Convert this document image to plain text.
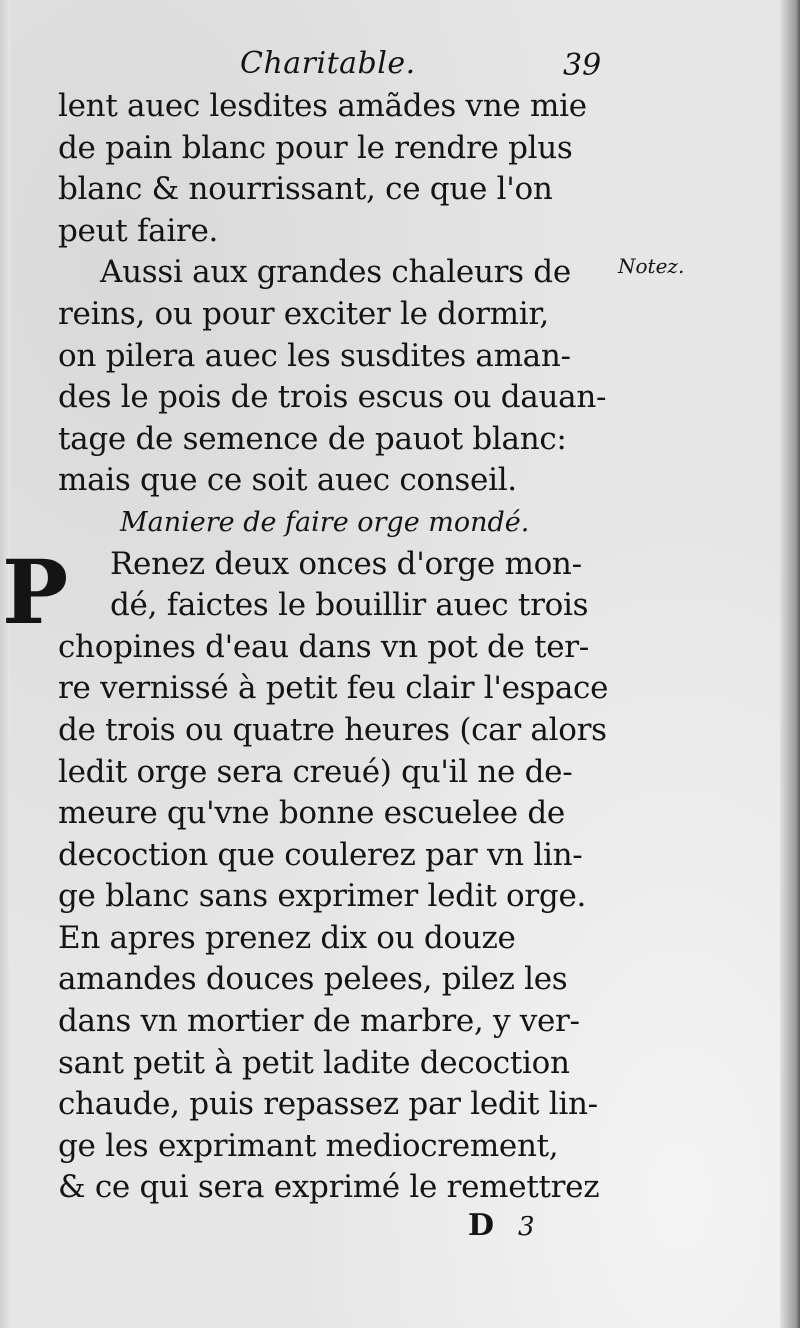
Charitable.	39
Notez.
lent auec lesdites amãdes vne mie
de pain blanc pour le rendre plus
blanc & nourrissant, ce que l'on
peut faire.
Aussi aux grandes chaleurs de
reins, ou pour exciter le dormir,
on pilera auec les susdites aman-
des le pois de trois escus ou dauan-
tage de semence de pauot blanc:
mais que ce soit auec conseil.
Maniere de faire orge mondé.
Renez deux onces d'orge mon-
dé, faictes le bouillir auec trois
chopines d'eau dans vn pot de ter-
re vernissé à petit feu clair l'espace
de trois ou quatre heures (car alors
ledit orge sera creué) qu'il ne de-
meure qu'vne bonne escuelee de
decoction que coulerez par vn lin-
ge blanc sans exprimer ledit orge.
En apres prenez dix ou douze
amandes douces pelees, pilez les
dans vn mortier de marbre, y ver-
sant petit à petit ladite decoction
chaude, puis repassez par ledit lin-
ge les exprimant mediocrement,
& ce qui sera exprimé le remettrez
P
D 3
